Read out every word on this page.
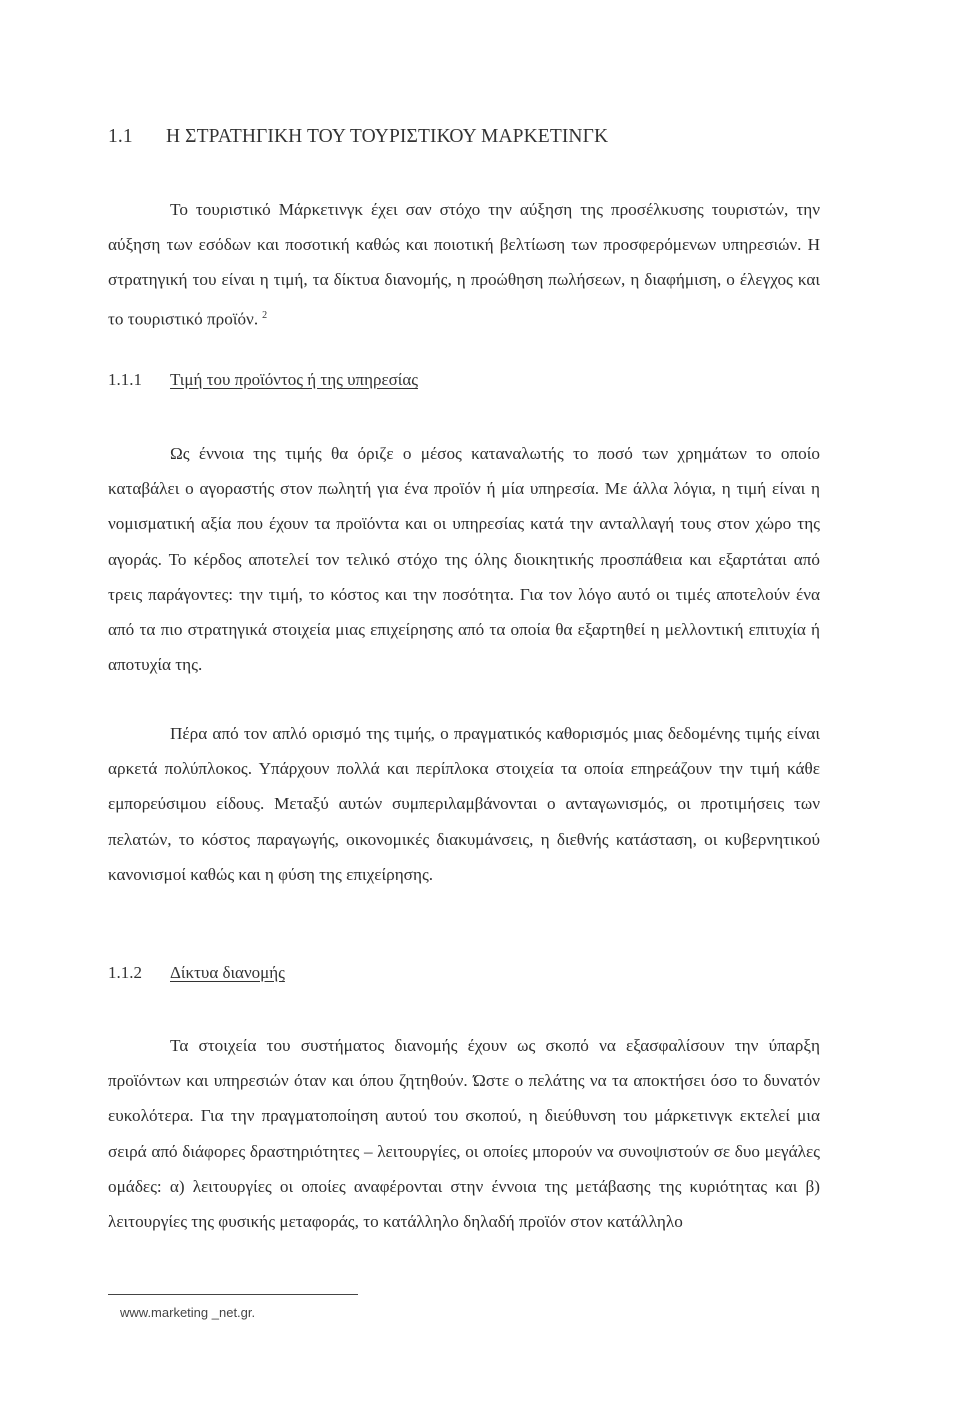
1.1 Η ΣΤΡΑΤΗΓΙΚΗ ΤΟΥ ΤΟΥΡΙΣΤΙΚΟΥ ΜΑΡΚΕΤΙΝΓΚ

Το τουριστικό Μάρκετινγκ έχει σαν στόχο την αύξηση της προσέλκυσης τουριστών, την αύξηση των εσόδων και ποσοτική καθώς και ποιοτική βελτίωση των προσφερόμενων υπηρεσιών. Η στρατηγική του είναι η τιμή, τα δίκτυα διανομής, η προώθηση πωλήσεων, η διαφήμιση, ο έλεγχος και το τουριστικό προϊόν. $^2$

1.1.1 Τιμή του προϊόντος ή της υπηρεσίας

Ως έννοια της τιμής θα όριζε ο μέσος καταναλωτής το ποσό των χρημάτων το οποίο καταβάλει ο αγοραστής στον πωλητή για ένα προϊόν ή μία υπηρεσία. Με άλλα λόγια, η τιμή είναι η νομισματική αξία που έχουν τα προϊόντα και οι υπηρεσίας κατά την ανταλλαγή τους στον χώρο της αγοράς. Το κέρδος αποτελεί τον τελικό στόχο της όλης διοικητικής προσπάθεια και εξαρτάται από τρεις παράγοντες: την τιμή, το κόστος και την ποσότητα. Για τον λόγο αυτό οι τιμές αποτελούν ένα από τα πιο στρατηγικά στοιχεία μιας επιχείρησης από τα οποία θα εξαρτηθεί η μελλοντική επιτυχία ή αποτυχία της.

Πέρα από τον απλό ορισμό της τιμής, ο πραγματικός καθορισμός μιας δεδομένης τιμής είναι αρκετά πολύπλοκος. Υπάρχουν πολλά και περίπλοκα στοιχεία τα οποία επηρεάζουν την τιμή κάθε εμπορεύσιμου είδους. Μεταξύ αυτών συμπεριλαμβάνονται ο ανταγωνισμός, οι προτιμήσεις των πελατών, το κόστος παραγωγής, οικονομικές διακυμάνσεις, η διεθνής κατάσταση, οι κυβερνητικού κανονισμοί καθώς και η φύση της επιχείρησης.

1.1.2 Δίκτυα διανομής

Τα στοιχεία του συστήματος διανομής έχουν ως σκοπό να εξασφαλίσουν την ύπαρξη προϊόντων και υπηρεσιών όταν και όπου ζητηθούν. Ώστε ο πελάτης να τα αποκτήσει όσο το δυνατόν ευκολότερα. Για την πραγματοποίηση αυτού του σκοπού, η διεύθυνση του μάρκετινγκ εκτελεί μια σειρά από διάφορες δραστηριότητες – λειτουργίες, οι οποίες μπορούν να συνοψιστούν σε δυο μεγάλες ομάδες: α) λειτουργίες οι οποίες αναφέρονται στην έννοια της μετάβασης της κυριότητας και β) λειτουργίες της φυσικής μεταφοράς, το κατάλληλο δηλαδή προϊόν στον κατάλληλο

www.marketing _net.gr.
